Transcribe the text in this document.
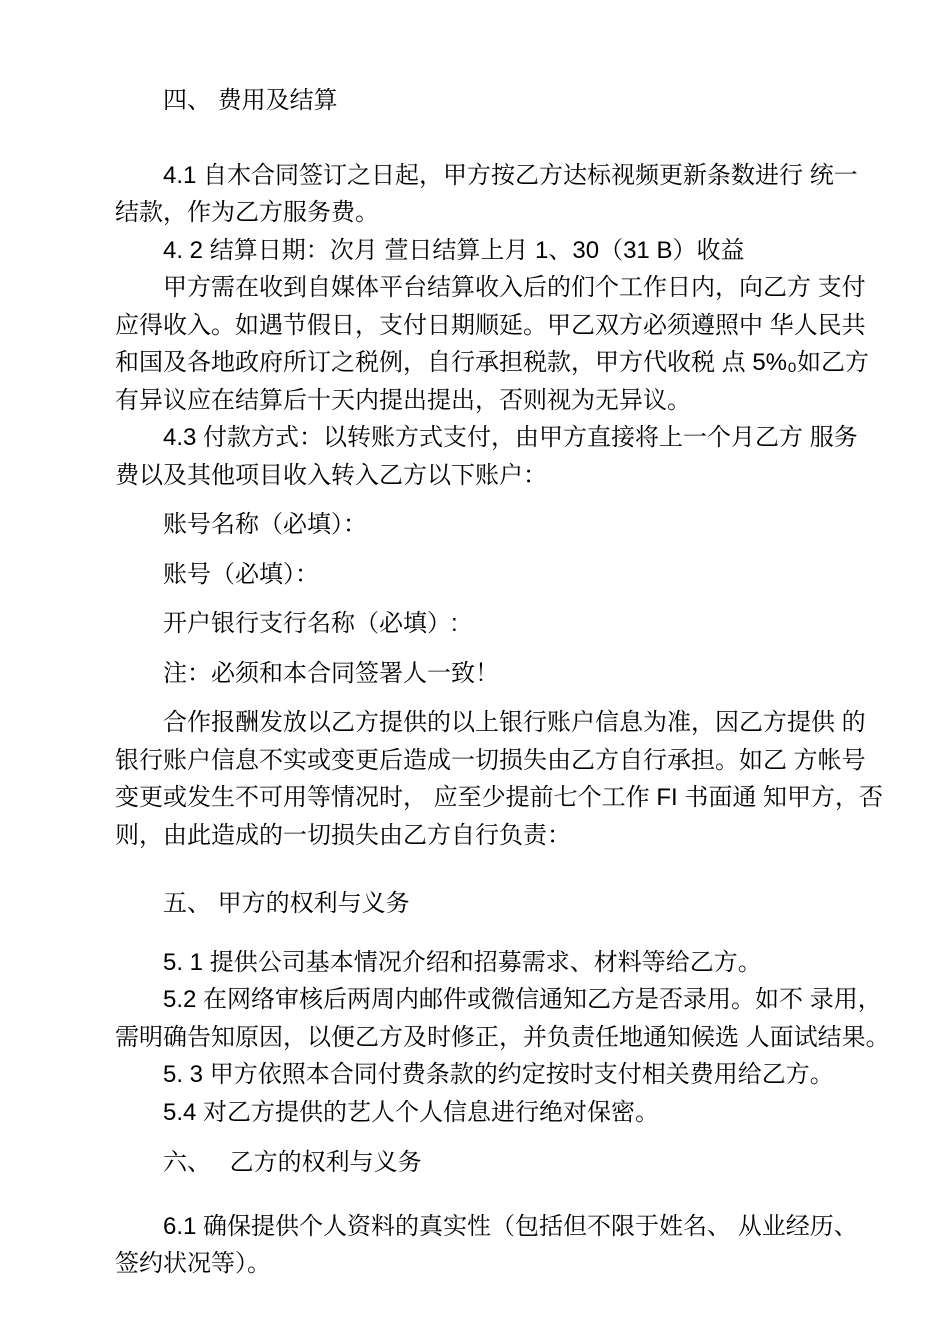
四、 费用及结算
4.1 自木合同签订之日起，甲方按乙方达标视频更新条数进行 统一
结款，作为乙方服务费。
4. 2 结算日期：次月 萱日结算上月 1、30（31 B）收益
甲方需在收到自媒体平台结算收入后的们个工作日内，向乙方 支付
应得收入。如遇节假日，支付日期顺延。甲乙双方必须遵照中 华人民共
和国及各地政府所订之税例，自行承担税款，甲方代收税 点 5%₀如乙方
有异议应在结算后十天内提出提出，否则视为无异议。
4.3 付款方式：以转账方式支付，由甲方直接将上一个月乙方 服务
费以及其他项目收入转入乙方以下账户：
账号名称（必填）：
账号（必填）：
开户银行支行名称（必填）:
注：必须和本合同签署人一致！
合作报酬发放以乙方提供的以上银行账户信息为准，因乙方提供 的
银行账户信息不实或变更后造成一切损失由乙方自行承担。如乙 方帐号
变更或发生不可用等情况时， 应至少提前七个工作 FI 书面通 知甲方，否
则，由此造成的一切损失由乙方自行负责：
五、 甲方的权利与义务
5. 1 提供公司基本情况介绍和招募需求、材料等给乙方。
5.2 在网络审核后两周内邮件或微信通知乙方是否录用。如不 录用，
需明确告知原因，以便乙方及时修正，并负责任地通知候选 人面试结果。
5. 3 甲方依照本合同付费条款的约定按时支付相关费用给乙方。
5.4 对乙方提供的艺人个人信息进行绝对保密。
六、　 乙方的权利与义务
6.1 确保提供个人资料的真实性（包括但不限于姓名、 从业经历、
签约状况等）。
